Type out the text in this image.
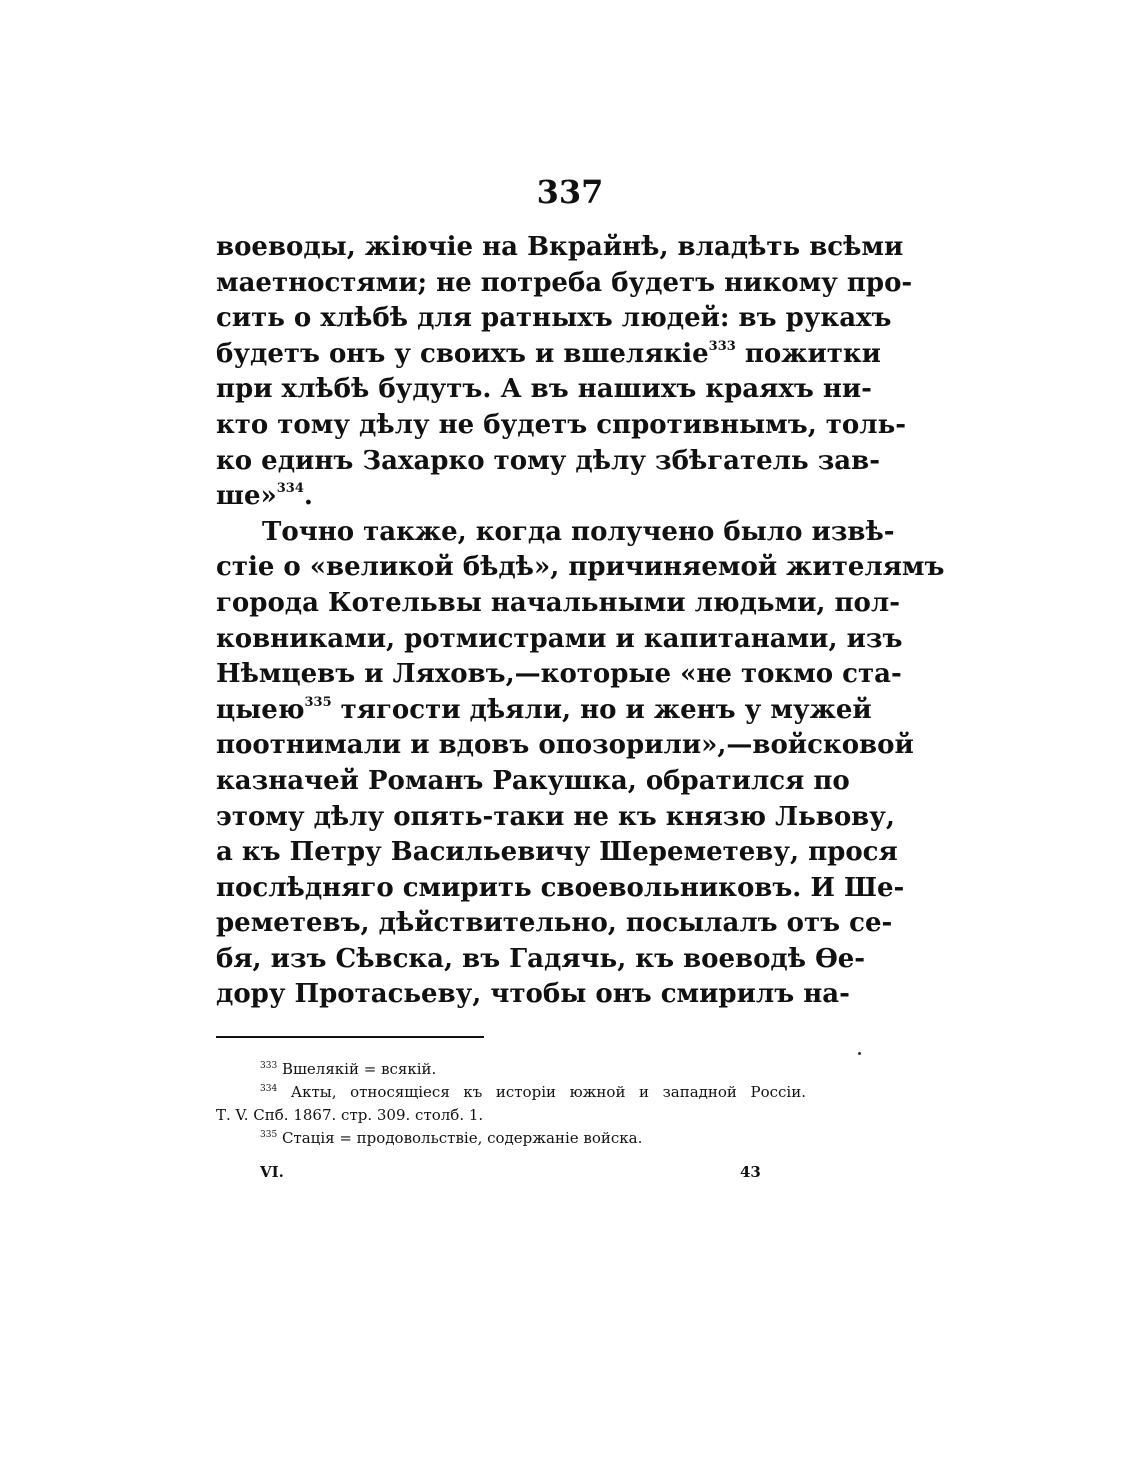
337
воеводы, жіючіе на Вкрайнѣ, владѣть всѣми
маетностями; не потреба будетъ никому про-
сить о хлѣбѣ для ратныхъ людей: въ рукахъ
будетъ онъ у своихъ и вшелякіе$^{333}$ пожитки
при хлѣбѣ будутъ. А въ нашихъ краяхъ ни-
кто тому дѣлу не будетъ спротивнымъ, толь-
ко единъ Захарко тому дѣлу збѣгатель зав-
ше»$^{334}$.
Точно также, когда получено было извѣ-
стіе о «великой бѣдѣ», причиняемой жителямъ
города Котельвы начальными людьми, пол-
ковниками, ротмистрами и капитанами, изъ
Нѣмцевъ и Ляховъ,—которые «не токмо ста-
цыею$^{335}$ тягости дѣяли, но и женъ у мужей
поотнимали и вдовъ опозорили»,—войсковой
казначей Романъ Ракушка, обратился по
этому дѣлу опять-таки не къ князю Львову,
а къ Петру Васильевичу Шереметеву, прося
послѣдняго смирить своевольниковъ. И Ше-
реметевъ, дѣйствительно, посылалъ отъ се-
бя, изъ Сѣвска, въ Гадячь, къ воеводѣ Ѳе-
дору Протасьеву, чтобы онъ смирилъ на-
$^{333}$ Вшелякій = всякій.
$^{334}$ Акты, относящіеся къ исторіи южной и западной Россіи.
Т. V. Спб. 1867. стр. 309. столб. 1.
$^{335}$ Стація = продовольствіе, содержаніе войска.
VI.	43
